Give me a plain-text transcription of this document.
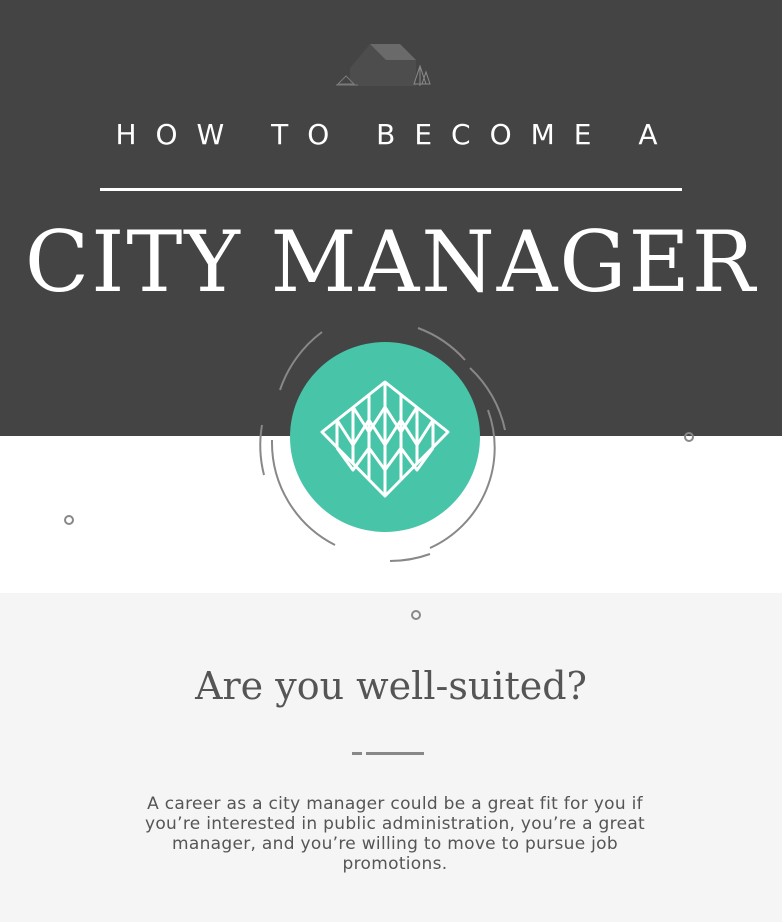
HOW TO BECOME A
CITY MANAGER
Are you well-suited?
A career as a city manager could be a great fit for you if you’re interested in public administration, you’re a great manager, and you’re willing to move to pursue job promotions.
